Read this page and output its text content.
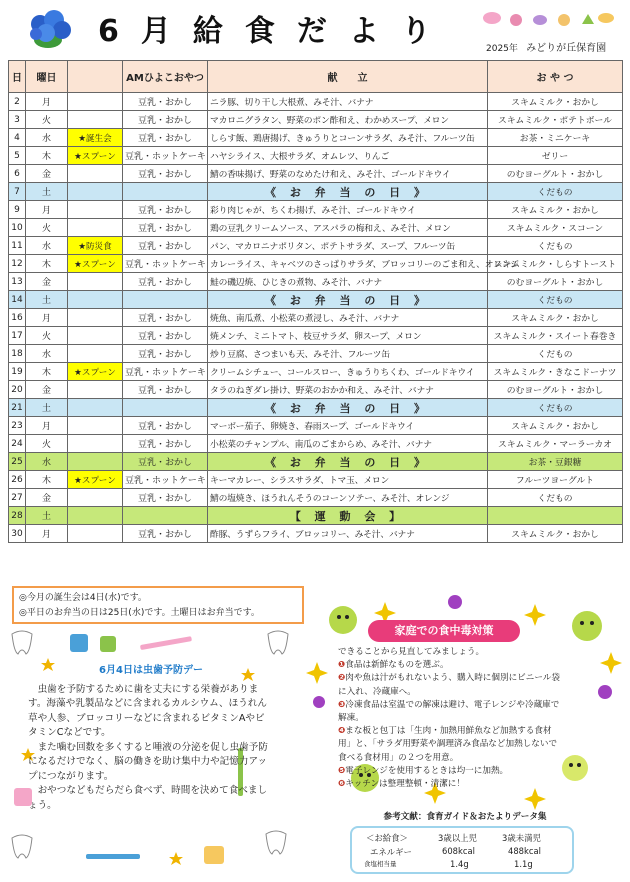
6月給食だより	2025年 みどりが丘保育園
日	曜日		AMひよこおやつ	献　　立	お や つ
2	月		豆乳・おかし	ニラ豚、切り干し大根煮、みそ汁、バナナ	スキムミルク・おかし
3	火		豆乳・おかし	マカロニグラタン、野菜のポン酢和え、わかめスープ、メロン	スキムミルク・ポテトボール
4	水	★誕生会	豆乳・おかし	しらす飯、鶏唐揚げ、きゅうりとコーンサラダ、みそ汁、フルーツ缶	お茶・ミニケーキ
5	木	★スプーン	豆乳・ホットケーキ	ハヤシライス、大根サラダ、オムレツ、りんご	ゼリー
6	金		豆乳・おかし	鯖の香味揚げ、野菜のなめたけ和え、みそ汁、ゴールドキウイ	のむヨーグルト・おかし
7	土			《 お 弁 当 の 日 》	くだもの
9	月		豆乳・おかし	彩り肉じゃが、ちくわ揚げ、みそ汁、ゴールドキウイ	スキムミルク・おかし
10	火		豆乳・おかし	鶏の豆乳クリームソース、アスパラの梅和え、みそ汁、メロン	スキムミルク・スコーン
11	水	★防災食	豆乳・おかし	パン、マカロニナポリタン、ポテトサラダ、スープ、フルーツ缶	くだもの
12	木	★スプーン	豆乳・ホットケーキ	カレーライス、キャベツのさっぱりサラダ、ブロッコリーのごま和え、オレンジ	スキムミルク・しらすトースト
13	金		豆乳・おかし	鮭の磯辺焼、ひじきの煮物、みそ汁、バナナ	のむヨーグルト・おかし
14	土			《 お 弁 当 の 日 》	くだもの
16	月		豆乳・おかし	焼魚、南瓜煮、小松菜の煮浸し、みそ汁、バナナ	スキムミルク・おかし
17	火		豆乳・おかし	焼メンチ、ミニトマト、枝豆サラダ、卵スープ、メロン	スキムミルク・スイート春巻き
18	水		豆乳・おかし	炒り豆腐、さつまいも天、みそ汁、フルーツ缶	くだもの
19	木	★スプーン	豆乳・ホットケーキ	クリームシチュー、コールスロー、きゅうりちくわ、ゴールドキウイ	スキムミルク・きなこドーナツ
20	金		豆乳・おかし	タラのねぎダレ掛け、野菜のおかか和え、みそ汁、バナナ	のむヨーグルト・おかし
21	土			《 お 弁 当 の 日 》	くだもの
23	月		豆乳・おかし	マーボー茄子、卵焼き、春雨スープ、ゴールドキウイ	スキムミルク・おかし
24	火		豆乳・おかし	小松菜のチャンプル、南瓜のごまからめ、みそ汁、バナナ	スキムミルク・マーラーカオ
25	水		豆乳・おかし	《 お 弁 当 の 日 》	お茶・豆銀糖
26	木	★スプーン	豆乳・ホットケーキ	キーマカレー、シラスサラダ、トマ玉、メロン	フルーツヨーグルト
27	金		豆乳・おかし	鯖の塩焼き、ほうれんそうのコーンソテー、みそ汁、オレンジ	くだもの
28	土			【 運 動 会 】	
30	月		豆乳・おかし	酢豚、うずらフライ、ブロッコリー、みそ汁、バナナ	スキムミルク・おかし
◎今月の誕生会は4日(水)です。
◎平日のお弁当の日は25日(水)です。土曜日はお弁当です。
6月4日は虫歯予防デー
　虫歯を予防するために歯を丈夫にする栄養があります。海藻や乳製品などに含まれるカルシウム、ほうれん草や人参、ブロッコリーなどに含まれるビタミンAやビタミンCなどです。
　また噛む回数を多くすると唾液の分泌を促し虫歯予防になるだけでなく、脳の働きを助け集中力や記憶力アップにつながります。
　おやつなどもだらだら食べず、時間を決めて食べましょう。
家庭での食中毒対策
できることから見直してみましょう。
❶食品は新鮮なものを選ぶ。
❷肉や魚は汁がもれないよう、購入時に個別にビニール袋に入れ、冷蔵庫へ。
❸冷凍食品は室温での解凍は避け、電子レンジや冷蔵庫で解凍。
❹まな板と包丁は「生肉・加熱用鮮魚など加熱する食材用」と、「サラダ用野菜や調理済み食品など加熱しないで食べる食材用」の２つを用意。
❺電子レンジを使用するときは均一に加熱。
❻キッチンは整理整頓・清潔に！
参考文献：食育ガイド＆おたよりデータ集
＜お給食＞	3歳以上児	3歳未満児
エネルギー	608kcal	488kcal
食塩相当量	1.4g	1.1g
